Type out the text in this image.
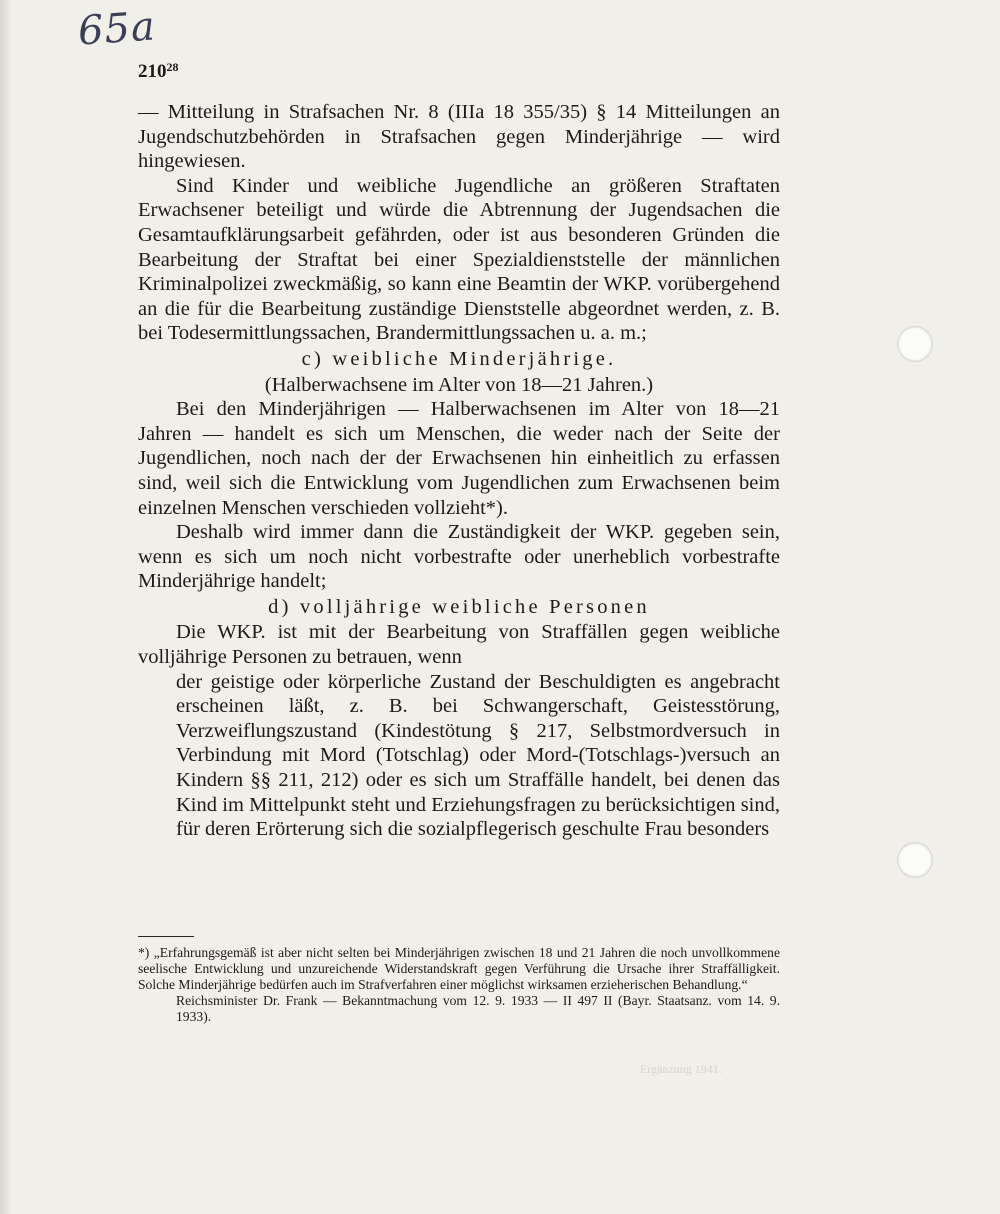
65a
$210^{28}$

— Mitteilung in Strafsachen Nr. 8 (IIIa 18 355/35) § 14 Mitteilungen an Jugendschutzbehörden in Strafsachen gegen Minderjährige — wird hingewiesen.

Sind Kinder und weibliche Jugendliche an größeren Straftaten Erwachsener beteiligt und würde die Abtrennung der Jugendsachen die Gesamtaufklärungsarbeit gefährden, oder ist aus besonderen Gründen die Bearbeitung der Straftat bei einer Spezialdienststelle der männlichen Kriminalpolizei zweckmäßig, so kann eine Beamtin der WKP. vorübergehend an die für die Bearbeitung zuständige Dienststelle abgeordnet werden, z. B. bei Todesermittlungssachen, Brandermittlungssachen u. a. m.;

c) weibliche Minderjährige.

(Halberwachsene im Alter von 18—21 Jahren.)

Bei den Minderjährigen — Halberwachsenen im Alter von 18—21 Jahren — handelt es sich um Menschen, die weder nach der Seite der Jugendlichen, noch nach der der Erwachsenen hin einheitlich zu erfassen sind, weil sich die Entwicklung vom Jugendlichen zum Erwachsenen beim einzelnen Menschen verschieden vollzieht*).

Deshalb wird immer dann die Zuständigkeit der WKP. gegeben sein, wenn es sich um noch nicht vorbestrafte oder unerheblich vorbestrafte Minderjährige handelt;

d) volljährige weibliche Personen

Die WKP. ist mit der Bearbeitung von Straffällen gegen weibliche volljährige Personen zu betrauen, wenn

der geistige oder körperliche Zustand der Beschuldigten es angebracht erscheinen läßt, z. B. bei Schwangerschaft, Geistesstörung, Verzweiflungszustand (Kindestötung § 217, Selbstmordversuch in Verbindung mit Mord (Totschlag) oder Mord-(Totschlags-)versuch an Kindern §§ 211, 212) oder es sich um Straffälle handelt, bei denen das Kind im Mittelpunkt steht und Erziehungsfragen zu berücksichtigen sind, für deren Erörterung sich die sozialpflegerisch geschulte Frau besonders

*) „Erfahrungsgemäß ist aber nicht selten bei Minderjährigen zwischen 18 und 21 Jahren die noch unvollkommene seelische Entwicklung und unzureichende Widerstandskraft gegen Verführung die Ursache ihrer Straffälligkeit. Solche Minderjährige bedürfen auch im Strafverfahren einer möglichst wirksamen erzieherischen Behandlung.“

Reichsminister Dr. Frank — Bekanntmachung vom 12. 9. 1933 — II 497 II (Bayr. Staatsanz. vom 14. 9. 1933).

Ergänzung 1941.
